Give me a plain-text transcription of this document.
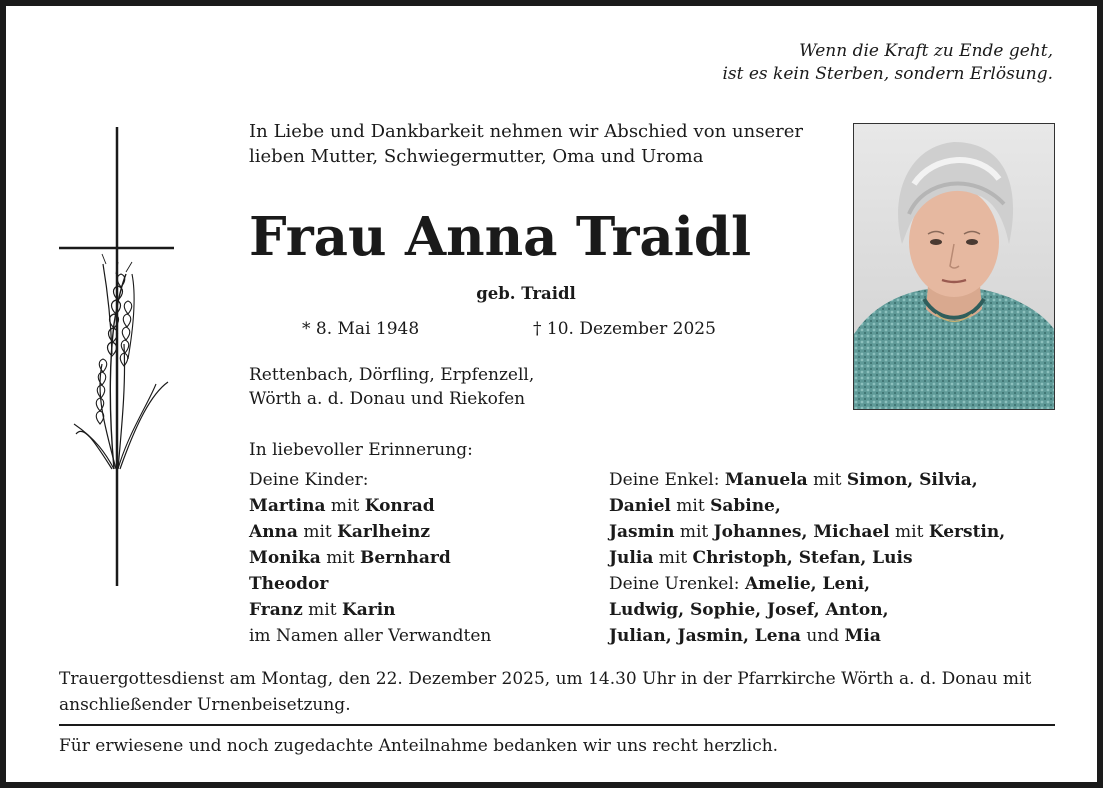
Wenn die Kraft zu Ende geht,
ist es kein Sterben, sondern Erlösung.
In Liebe und Dankbarkeit nehmen wir Abschied von unserer lieben Mutter, Schwiegermutter, Oma und Uroma
Frau Anna Traidl
geb. Traidl
* 8. Mai 1948	† 10. Dezember 2025
Rettenbach, Dörfling, Erpfenzell,
Wörth a. d. Donau und Riekofen
In liebevoller Erinnerung:
Deine Kinder:
Martina mit Konrad
Anna mit Karlheinz
Monika mit Bernhard
Theodor
Franz mit Karin
im Namen aller Verwandten
Deine Enkel: Manuela mit Simon, Silvia,
Daniel mit Sabine,
Jasmin mit Johannes, Michael mit Kerstin,
Julia mit Christoph, Stefan, Luis
Deine Urenkel: Amelie, Leni,
Ludwig, Sophie, Josef, Anton,
Julian, Jasmin, Lena und Mia
Trauergottesdienst am Montag, den 22. Dezember 2025, um 14.30 Uhr in der Pfarrkirche Wörth a. d. Donau mit anschließender Urnenbeisetzung.
Für erwiesene und noch zugedachte Anteilnahme bedanken wir uns recht herzlich.
